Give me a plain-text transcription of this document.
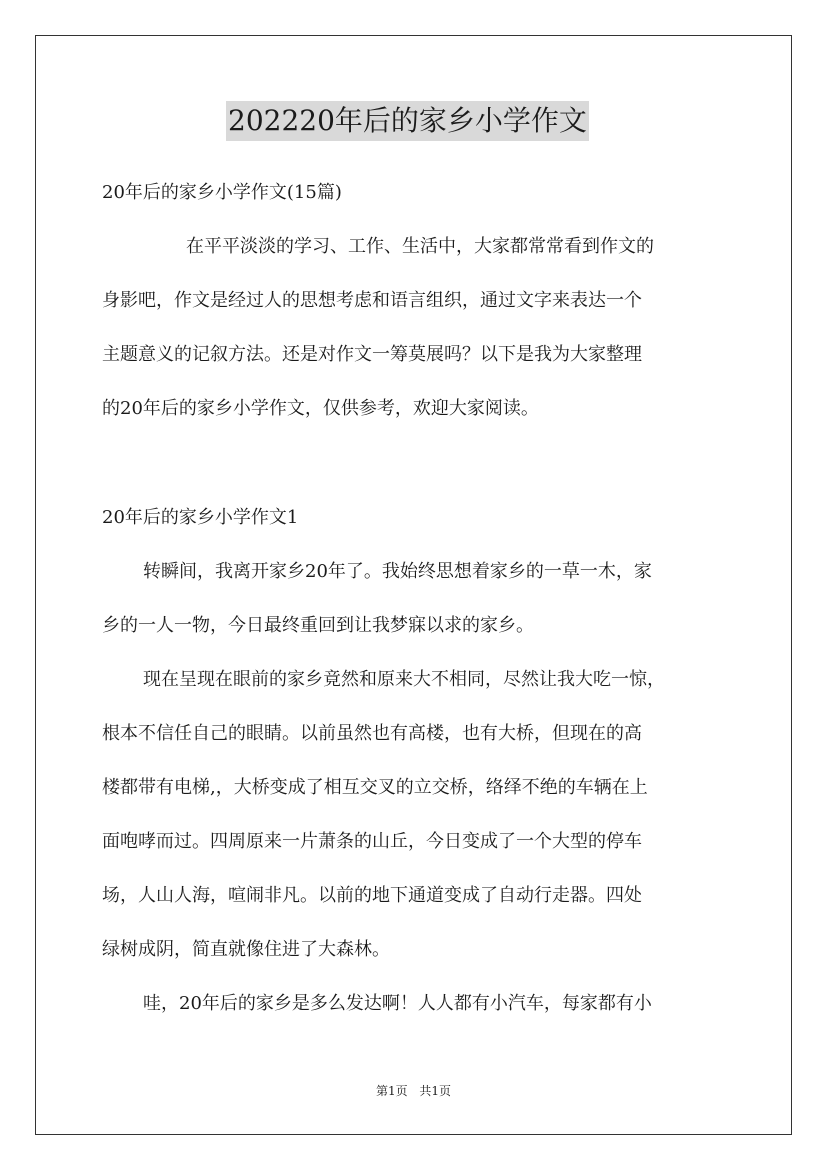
202220年后的家乡小学作文
20年后的家乡小学作文(15篇)
在平平淡淡的学习、工作、生活中，大家都常常看到作文的
身影吧，作文是经过人的思想考虑和语言组织，通过文字来表达一个
主题意义的记叙方法。还是对作文一筹莫展吗？以下是我为大家整理
的20年后的家乡小学作文，仅供参考，欢迎大家阅读。
20年后的家乡小学作文1
转瞬间，我离开家乡20年了。我始终思想着家乡的一草一木，家
乡的一人一物，今日最终重回到让我梦寐以求的家乡。
现在呈现在眼前的家乡竟然和原来大不相同，尽然让我大吃一惊，
根本不信任自己的眼睛。以前虽然也有高楼，也有大桥，但现在的高
楼都带有电梯,，大桥变成了相互交叉的立交桥，络绎不绝的车辆在上
面咆哮而过。四周原来一片萧条的山丘，今日变成了一个大型的停车
场，人山人海，喧闹非凡。以前的地下通道变成了自动行走器。四处
绿树成阴，简直就像住进了大森林。
哇，20年后的家乡是多么发达啊！人人都有小汽车，每家都有小
第1页 共1页
